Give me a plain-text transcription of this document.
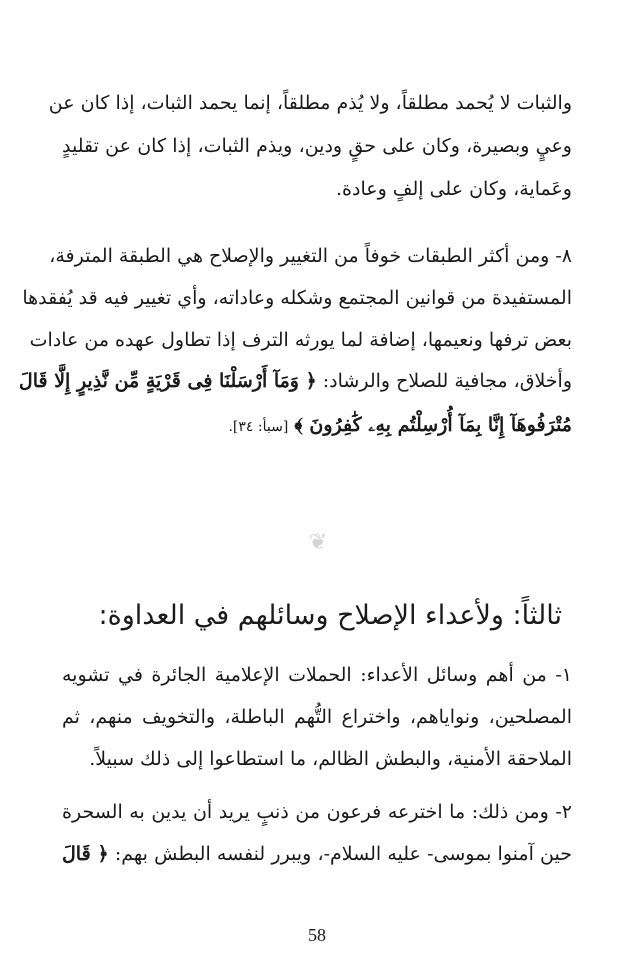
والثبات لا يُحمد مطلقاً، ولا يُذم مطلقاً، إنما يحمد الثبات، إذا كان عن
وعيٍ وبصيرة، وكان على حقٍ ودين، ويذم الثبات، إذا كان عن تقليدٍ
وعَماية، وكان على إلفٍ وعادة.
٨- ومن أكثر الطبقات خوفاً من التغيير والإصلاح هي الطبقة المترفة،
المستفيدة من قوانين المجتمع وشكله وعاداته، وأي تغيير فيه قد يُفقدها
بعض ترفها ونعيمها، إضافة لما يورثه الترف إذا تطاول عهده من عادات
وأخلاق، مجافية للصلاح والرشاد: ﴿ وَمَآ أَرْسَلْنَا فِى قَرْيَةٍ مِّن نَّذِيرٍ إِلَّا قَالَ
مُتْرَفُوهَآ إِنَّا بِمَآ أُرْسِلْتُم بِهِۦ كَٰفِرُونَ ﴾ [سبأ: ٣٤].
❦
ثالثاً: ولأعداء الإصلاح وسائلهم في العداوة:
١- من أهم وسائل الأعداء: الحملات الإعلامية الجائرة في تشويه
المصلحين، ونواياهم، واختراع التُّهم الباطلة، والتخويف منهم، ثم
الملاحقة الأمنية، والبطش الظالم، ما استطاعوا إلى ذلك سبيلاً.
٢- ومن ذلك: ما اخترعه فرعون من ذنبٍ يريد أن يدين به السحرة
حين آمنوا بموسى- عليه السلام-، ويبرر لنفسه البطش بهم: ﴿ قَالَ
58
